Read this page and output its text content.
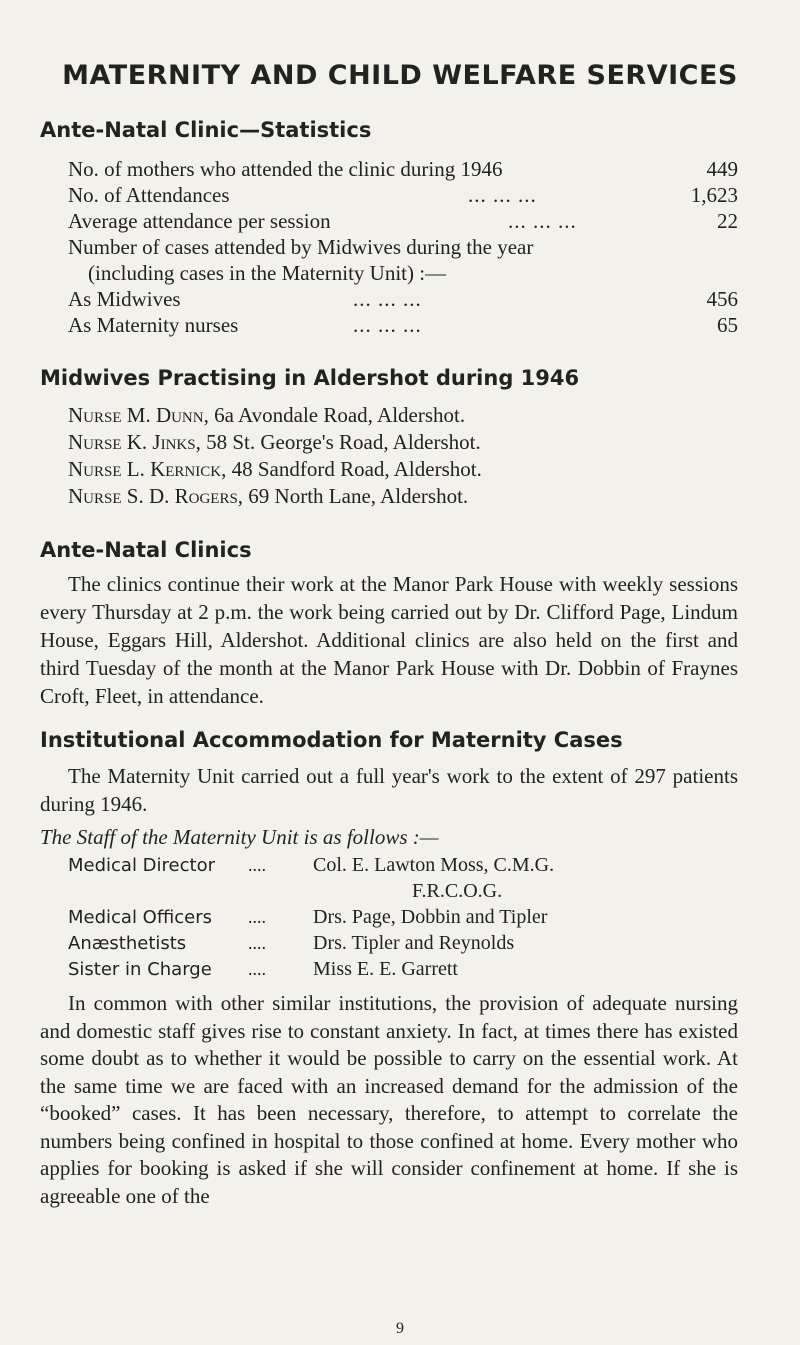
MATERNITY AND CHILD WELFARE SERVICES
Ante-Natal Clinic—Statistics
No. of mothers who attended the clinic during 1946	449
No. of Attendances	... ... ...	1,623
Average attendance per session	... ... ...	22
Number of cases attended by Midwives during the year
(including cases in the Maternity Unit) :—
As Midwives	... ... ...	456
As Maternity nurses	... ... ...	65
Midwives Practising in Aldershot during 1946
Nurse M. Dunn, 6a Avondale Road, Aldershot.
Nurse K. Jinks, 58 St. George's Road, Aldershot.
Nurse L. Kernick, 48 Sandford Road, Aldershot.
Nurse S. D. Rogers, 69 North Lane, Aldershot.
Ante-Natal Clinics
The clinics continue their work at the Manor Park House with weekly sessions every Thursday at 2 p.m. the work being carried out by Dr. Clifford Page, Lindum House, Eggars Hill, Aldershot. Additional clinics are also held on the first and third Tuesday of the month at the Manor Park House with Dr. Dobbin of Fraynes Croft, Fleet, in attendance.
Institutional Accommodation for Maternity Cases
The Maternity Unit carried out a full year's work to the extent of 297 patients during 1946.
The Staff of the Maternity Unit is as follows :—
Medical Director .... Col. E. Lawton Moss, C.M.G.
F.R.C.O.G.
Medical Officers .... Drs. Page, Dobbin and Tipler
Anæsthetists	.... Drs. Tipler and Reynolds
Sister in Charge .... Miss E. E. Garrett
In common with other similar institutions, the provision of adequate nursing and domestic staff gives rise to constant anxiety. In fact, at times there has existed some doubt as to whether it would be possible to carry on the essential work. At the same time we are faced with an increased demand for the admission of the “booked” cases. It has been necessary, therefore, to attempt to correlate the numbers being confined in hospital to those confined at home. Every mother who applies for booking is asked if she will consider confinement at home. If she is agreeable one of the
9
